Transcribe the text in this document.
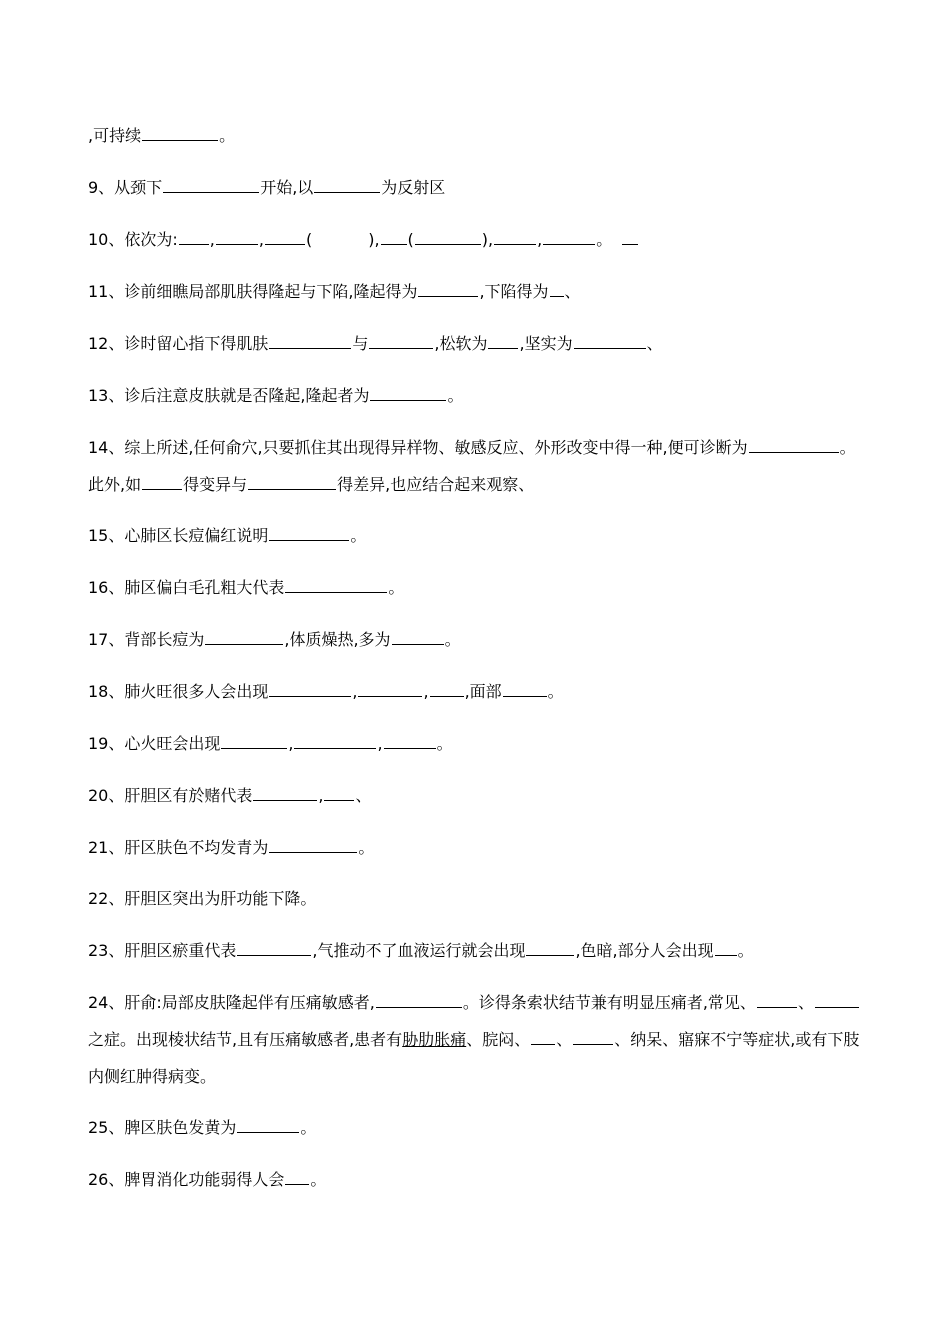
,可持续	。

9、从颈下	开始,以	为反射区

10、依次为: ,	,	(	), (	),	,	。

11、诊前细瞧局部肌肤得隆起与下陷,隆起得为	,下陷得为 、

12、诊时留心指下得肌肤	与	,松软为 ,坚实为	、

13、诊后注意皮肤就是否隆起,隆起者为	。

14、综上所述,任何俞穴,只要抓住其出现得异样物、敏感反应、外形改变中得一种,便可诊断为	。此外,如	得变异与	得差异,也应结合起来观察、

15、心肺区长痘偏红说明	。

16、肺区偏白毛孔粗大代表	。

17、背部长痘为	,体质燥热,多为	。

18、肺火旺很多人会出现	,	, ,面部	。

19、心火旺会出现	,	,	。

20、肝胆区有於赌代表	, 、

21、肝区肤色不均发青为	。

22、肝胆区突出为肝功能下降。

23、肝胆区瘀重代表	,气推动不了血液运行就会出现	,色暗,部分人会出现 。

24、肝俞:局部皮肤隆起伴有压痛敏感者,	。诊得条索状结节兼有明显压痛者,常见、	、之症。出现棱状结节,且有压痛敏感者,患者有胁肋胀痛、脘闷、 、	、纳呆、寤寐不宁等症状,或有下肢内侧红肿得病变。

25、脾区肤色发黄为	。

26、脾胃消化功能弱得人会 。
